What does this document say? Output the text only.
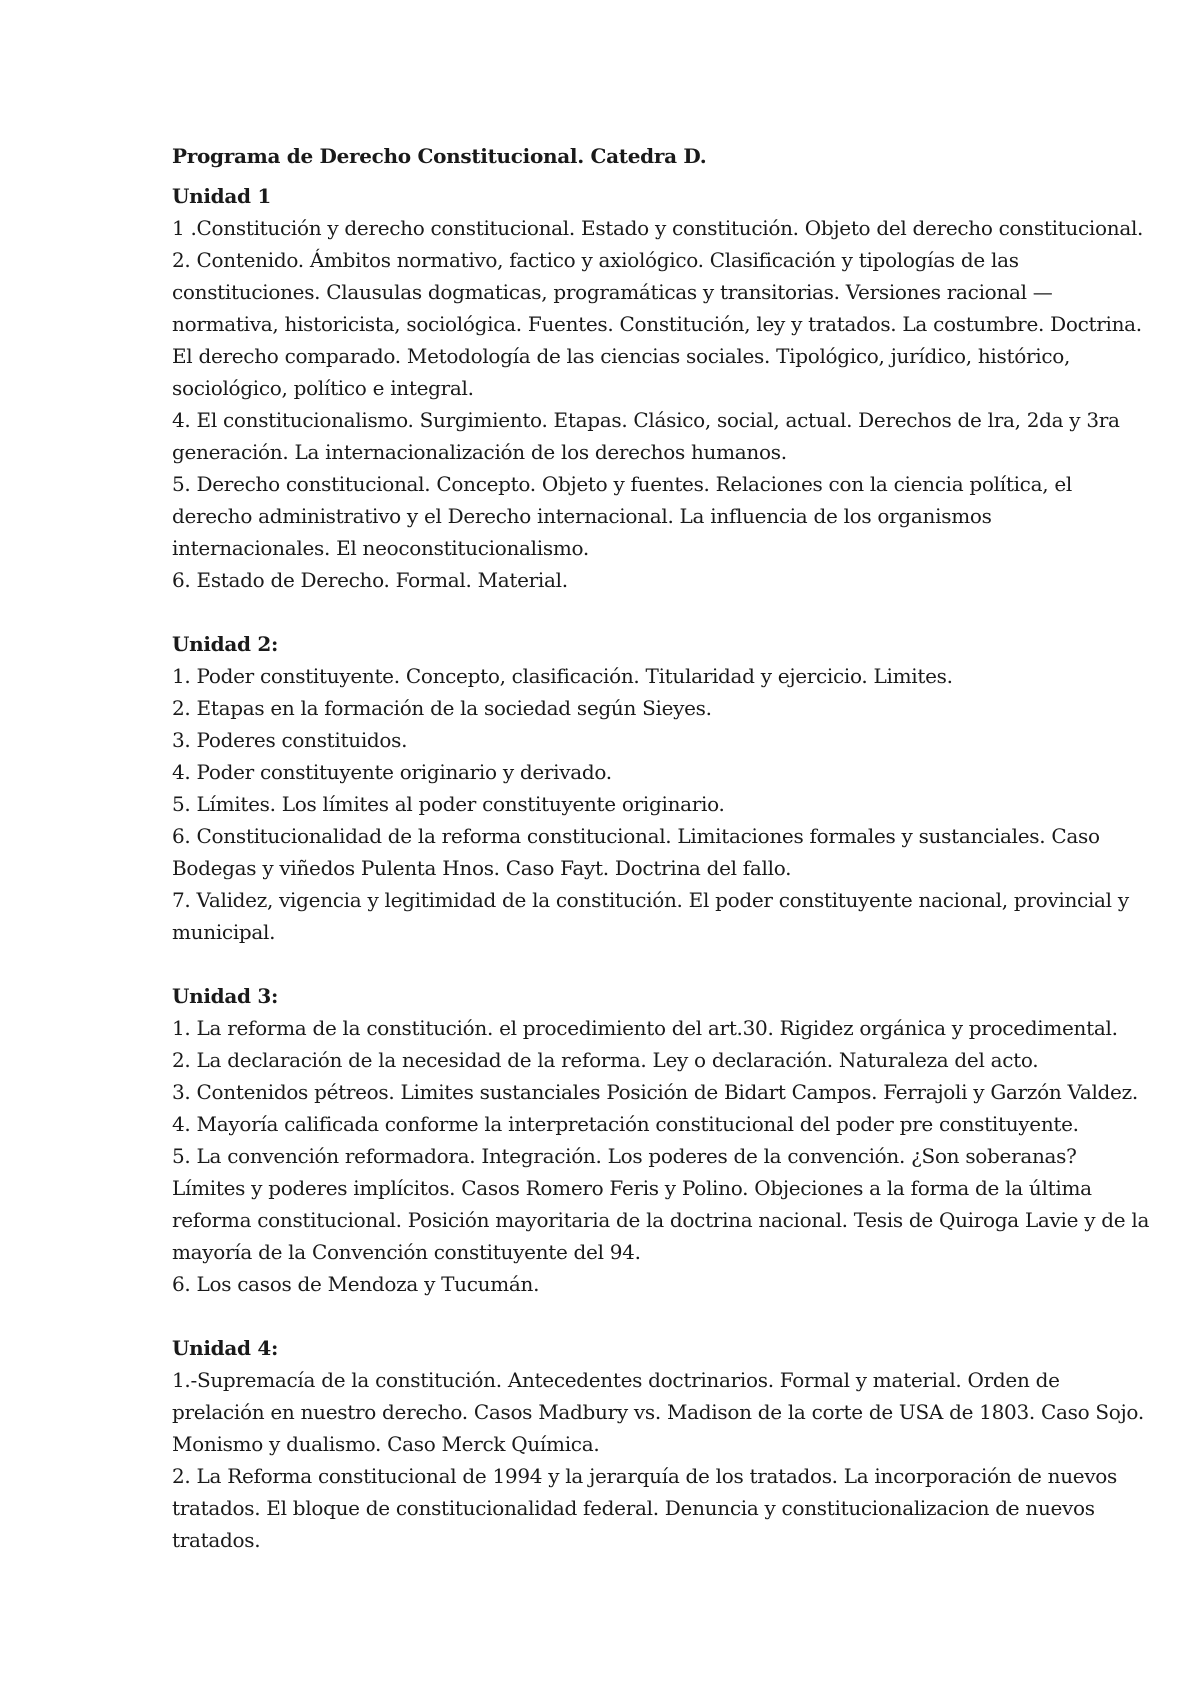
Programa de Derecho Constitucional. Catedra D.

Unidad 1

1 .Constitución y derecho constitucional. Estado y constitución. Objeto del derecho constitucional.

2. Contenido. Ámbitos normativo, factico y axiológico. Clasificación y tipologías de las constituciones. Clausulas dogmaticas, programáticas y transitorias. Versiones racional — normativa, historicista, sociológica. Fuentes. Constitución, ley y tratados. La costumbre. Doctrina. El derecho comparado. Metodología de las ciencias sociales. Tipológico, jurídico, histórico, sociológico, político e integral.

4. El constitucionalismo. Surgimiento. Etapas. Clásico, social, actual. Derechos de lra, 2da y 3ra generación. La internacionalización de los derechos humanos.

5. Derecho constitucional. Concepto. Objeto y fuentes. Relaciones con la ciencia política, el derecho administrativo y el Derecho internacional. La influencia de los organismos internacionales. El neoconstitucionalismo.

6. Estado de Derecho. Formal. Material.

Unidad 2:

1. Poder constituyente. Concepto, clasificación. Titularidad y ejercicio. Limites.

2. Etapas en la formación de la sociedad según Sieyes.

3. Poderes constituidos.

4. Poder constituyente originario y derivado.

5. Límites. Los límites al poder constituyente originario.

6. Constitucionalidad de la reforma constitucional. Limitaciones formales y sustanciales. Caso Bodegas y viñedos Pulenta Hnos. Caso Fayt. Doctrina del fallo.

7. Validez, vigencia y legitimidad de la constitución. El poder constituyente nacional, provincial y municipal.

Unidad 3:

1. La reforma de la constitución. el procedimiento del art.30. Rigidez orgánica y procedimental.

2. La declaración de la necesidad de la reforma. Ley o declaración. Naturaleza del acto.

3. Contenidos pétreos. Limites sustanciales Posición de Bidart Campos. Ferrajoli y Garzón Valdez.

4. Mayoría calificada conforme la interpretación constitucional del poder pre constituyente.

5. La convención reformadora. Integración. Los poderes de la convención. ¿Son soberanas? Límites y poderes implícitos. Casos Romero Feris y Polino. Objeciones a la forma de la última reforma constitucional. Posición mayoritaria de la doctrina nacional. Tesis de Quiroga Lavie y de la mayoría de la Convención constituyente del 94.

6. Los casos de Mendoza y Tucumán.

Unidad 4:

1.-Supremacía de la constitución. Antecedentes doctrinarios. Formal y material. Orden de prelación en nuestro derecho. Casos Madbury vs. Madison de la corte de USA de 1803. Caso Sojo. Monismo y dualismo. Caso Merck Química.

2. La Reforma constitucional de 1994 y la jerarquía de los tratados. La incorporación de nuevos tratados. El bloque de constitucionalidad federal. Denuncia y constitucionalizacion de nuevos tratados.
